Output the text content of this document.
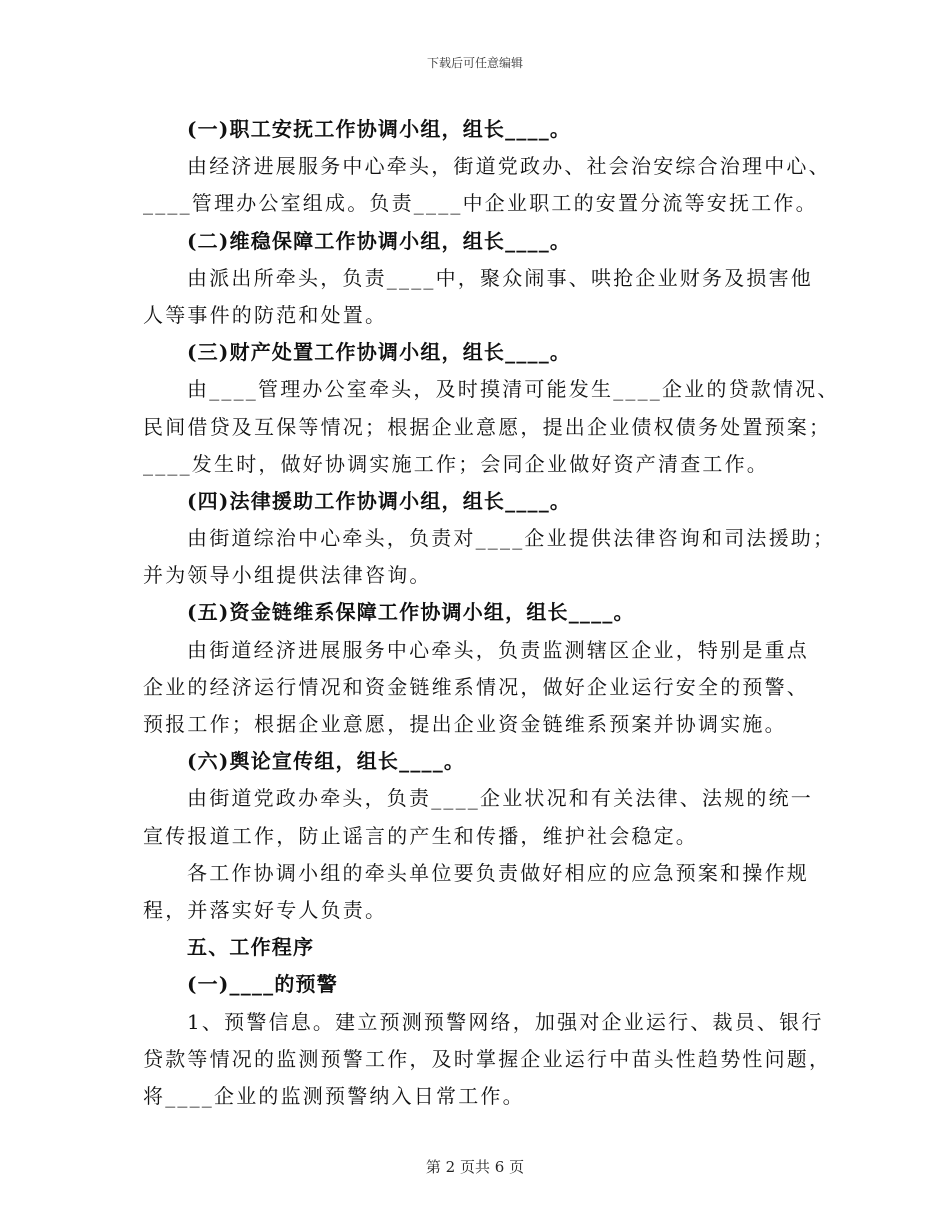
下载后可任意编辑
(一)职工安抚工作协调小组，组长____。
由经济进展服务中心牵头，街道党政办、社会治安综合治理中心、
____管理办公室组成。负责____中企业职工的安置分流等安抚工作。
(二)维稳保障工作协调小组，组长____。
由派出所牵头，负责____中，聚众闹事、哄抢企业财务及损害他
人等事件的防范和处置。
(三)财产处置工作协调小组，组长____。
由____管理办公室牵头，及时摸清可能发生____企业的贷款情况、
民间借贷及互保等情况；根据企业意愿，提出企业债权债务处置预案；
____发生时，做好协调实施工作；会同企业做好资产清查工作。
(四)法律援助工作协调小组，组长____。
由街道综治中心牵头，负责对____企业提供法律咨询和司法援助；
并为领导小组提供法律咨询。
(五)资金链维系保障工作协调小组，组长____。
由街道经济进展服务中心牵头，负责监测辖区企业，特别是重点
企业的经济运行情况和资金链维系情况，做好企业运行安全的预警、
预报工作；根据企业意愿，提出企业资金链维系预案并协调实施。
(六)舆论宣传组，组长____。
由街道党政办牵头，负责____企业状况和有关法律、法规的统一
宣传报道工作，防止谣言的产生和传播，维护社会稳定。
各工作协调小组的牵头单位要负责做好相应的应急预案和操作规
程，并落实好专人负责。
五、工作程序
(一)____的预警
1、预警信息。建立预测预警网络，加强对企业运行、裁员、银行
贷款等情况的监测预警工作，及时掌握企业运行中苗头性趋势性问题，
将____企业的监测预警纳入日常工作。
第 2 页共 6 页
